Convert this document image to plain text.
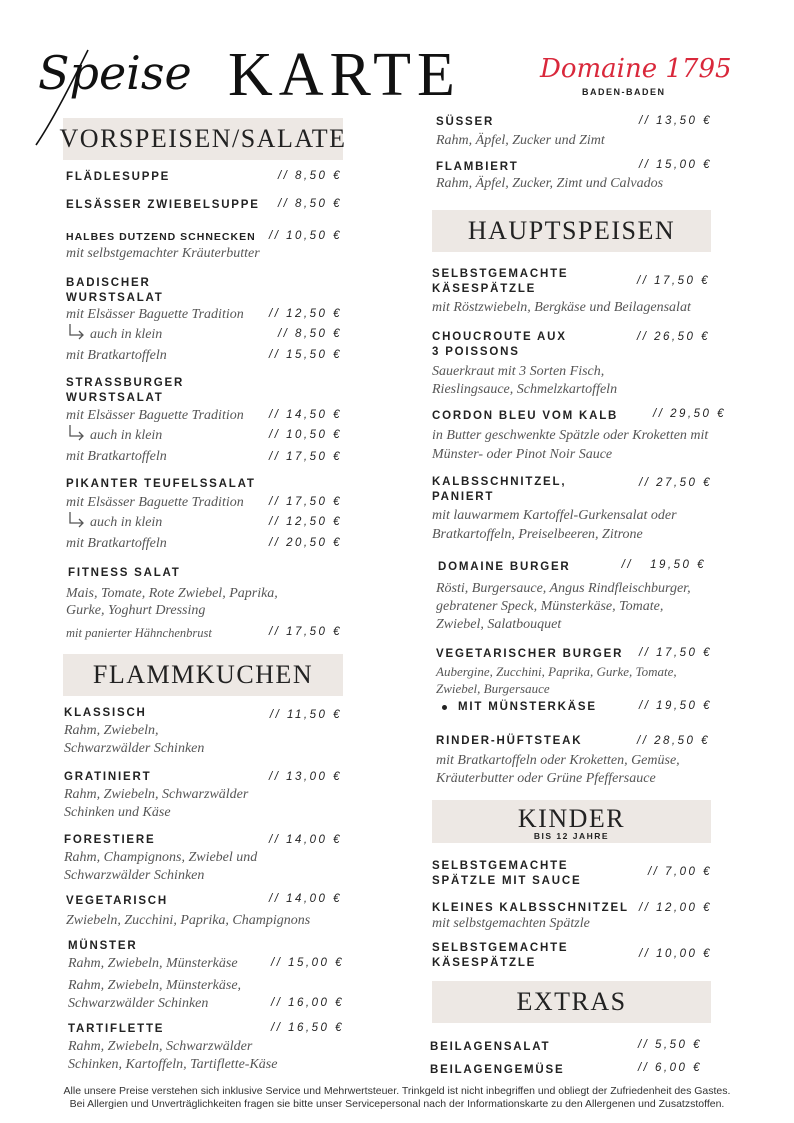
Speise KARTE	Domaine 1795
BADEN-BADEN
VORSPEISEN/SALATE
FLÄDLESUPPE	// 8,50 €
ELSÄSSER ZWIEBELSUPPE // 8,50 €
HALBES DUTZEND SCHNECKEN // 10,50 €
mit selbstgemachter Kräuterbutter
BADISCHER
WURSTSALAT
mit Elsässer Baguette Tradition // 12,50 €
auch in klein	// 8,50 €
mit Bratkartoffeln	// 15,50 €
STRASSBURGER
WURSTSALAT
mit Elsässer Baguette Tradition // 14,50 €
auch in klein	// 10,50 €
mit Bratkartoffeln	// 17,50 €
PIKANTER TEUFELSSALAT
mit Elsässer Baguette Tradition // 17,50 €
auch in klein	// 12,50 €
mit Bratkartoffeln	// 20,50 €
FITNESS SALAT
Mais, Tomate, Rote Zwiebel, Paprika,
Gurke, Yoghurt Dressing
mit panierter Hähnchenbrust	// 17,50 €
FLAMMKUCHEN
KLASSISCH	// 11,50 €
Rahm, Zwiebeln,
Schwarzwälder Schinken
GRATINIERT	// 13,00 €
Rahm, Zwiebeln, Schwarzwälder
Schinken und Käse
FORESTIERE	// 14,00 €
Rahm, Champignons, Zwiebel und
Schwarzwälder Schinken
VEGETARISCH	// 14,00 €
Zwiebeln, Zucchini, Paprika, Champignons
MÜNSTER
Rahm, Zwiebeln, Münsterkäse	// 15,00 €
Rahm, Zwiebeln, Münsterkäse,
Schwarzwälder Schinken	// 16,00 €
TARTIFLETTE	// 16,50 €
Rahm, Zwiebeln, Schwarzwälder
Schinken, Kartoffeln, Tartiflette-Käse
SÜSSER	// 13,50 €
Rahm, Äpfel, Zucker und Zimt
FLAMBIERT	// 15,00 €
Rahm, Äpfel, Zucker, Zimt und Calvados
HAUPTSPEISEN
SELBSTGEMACHTE
KÄSESPÄTZLE
// 17,50 €
mit Röstzwiebeln, Bergkäse und Beilagensalat
CHOUCROUTE AUX
3 POISSONS
// 26,50 €
Sauerkraut mit 3 Sorten Fisch,
Rieslingsauce, Schmelzkartoffeln
CORDON BLEU VOM KALB	// 29,50 €
in Butter geschwenkte Spätzle oder Kroketten mit
Münster- oder Pinot Noir Sauce
KALBSSCHNITZEL,
PANIERT
// 27,50 €
mit lauwarmem Kartoffel-Gurkensalat oder
Bratkartoffeln, Preiselbeeren, Zitrone
DOMAINE BURGER	//   19,50 €
Rösti, Burgersauce, Angus Rindfleischburger,
gebratener Speck, Münsterkäse, Tomate,
Zwiebel, Salatbouquet
VEGETARISCHER BURGER // 17,50 €
Aubergine, Zucchini, Paprika, Gurke, Tomate,
Zwiebel, Burgersauce
MIT MÜNSTERKÄSE	// 19,50 €
RINDER-HÜFTSTEAK	// 28,50 €
mit Bratkartoffeln oder Kroketten, Gemüse,
Kräuterbutter oder Grüne Pfeffersauce
KINDER
BIS 12 JAHRE
SELBSTGEMACHTE
SPÄTZLE MIT SAUCE
// 7,00 €
KLEINES KALBSSCHNITZEL // 12,00 €
mit selbstgemachten Spätzle
SELBSTGEMACHTE
KÄSESPÄTZLE
// 10,00 €
EXTRAS
BEILAGENSALAT	// 5,50 €
BEILAGENGEMÜSE	// 6,00 €
Alle unsere Preise verstehen sich inklusive Service und Mehrwertsteuer. Trinkgeld ist nicht inbegriffen und obliegt der Zufriedenheit des Gastes.
Bei Allergien und Unverträglichkeiten fragen sie bitte unser Servicepersonal nach der Informationskarte zu den Allergenen und Zusatzstoffen.
